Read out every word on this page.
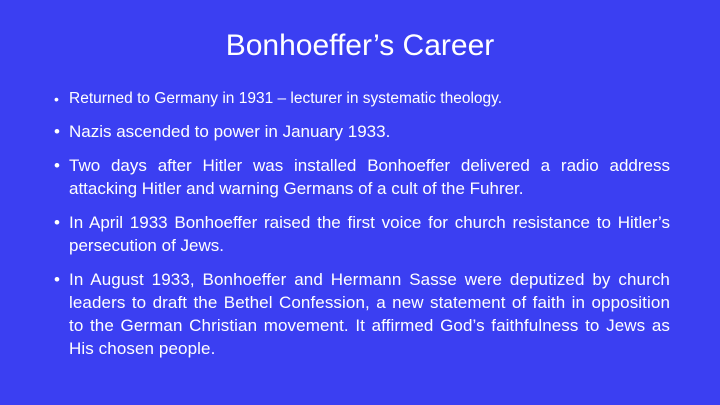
Bonhoeffer’s Career
• Returned to Germany in 1931 – lecturer in systematic theology.
• Nazis ascended to power in January 1933.
• Two days after Hitler was installed Bonhoeffer delivered a radio address attacking Hitler and warning Germans of a cult of the Fuhrer.
• In April 1933 Bonhoeffer raised the first voice for church resistance to Hitler’s persecution of Jews.
• In August 1933, Bonhoeffer and Hermann Sasse were deputized by church leaders to draft the Bethel Confession, a new statement of faith in opposition to the German Christian movement. It affirmed God’s faithfulness to Jews as His chosen people.
